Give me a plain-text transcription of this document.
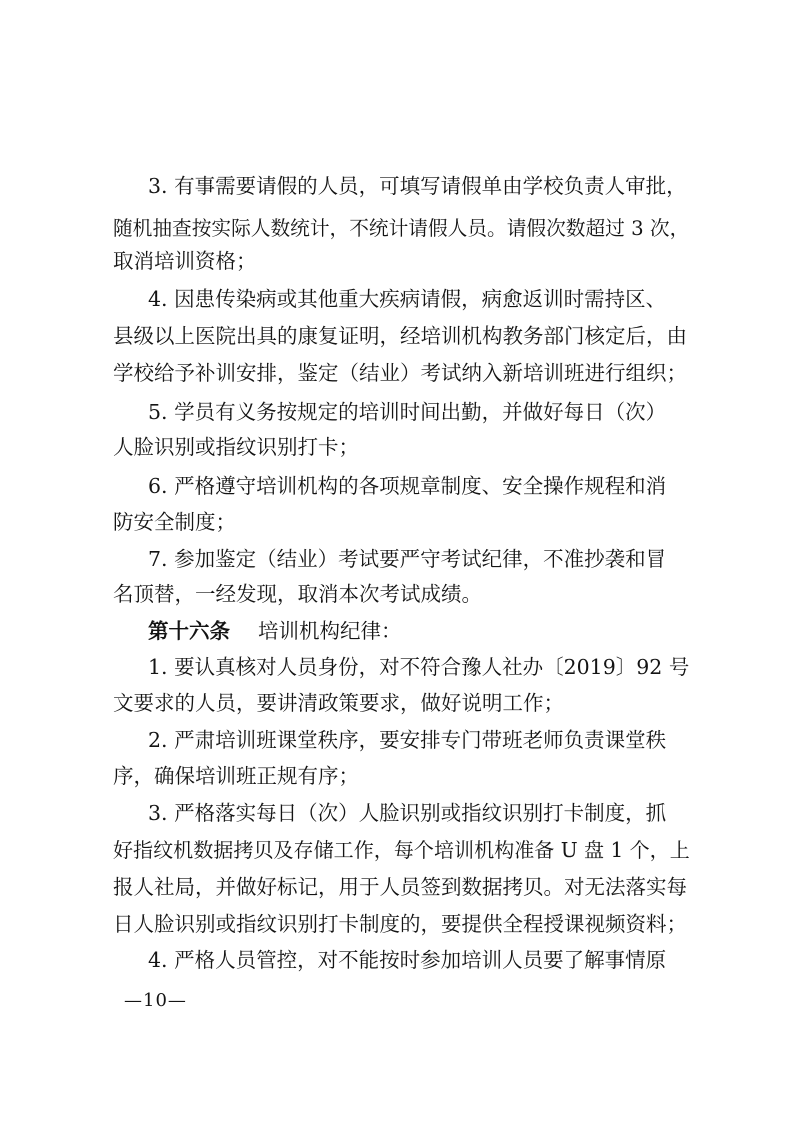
3. 有事需要请假的人员，可填写请假单由学校负责人审批，
随机抽查按实际人数统计，不统计请假人员。请假次数超过 3 次，
取消培训资格；
4. 因患传染病或其他重大疾病请假，病愈返训时需持区、
县级以上医院出具的康复证明，经培训机构教务部门核定后，由
学校给予补训安排，鉴定（结业）考试纳入新培训班进行组织；
5. 学员有义务按规定的培训时间出勤，并做好每日（次）
人脸识别或指纹识别打卡；
6. 严格遵守培训机构的各项规章制度、安全操作规程和消
防安全制度；
7. 参加鉴定（结业）考试要严守考试纪律，不准抄袭和冒
名顶替，一经发现，取消本次考试成绩。
第十六条 培训机构纪律：
1. 要认真核对人员身份，对不符合豫人社办〔2019〕92 号
文要求的人员，要讲清政策要求，做好说明工作；
2. 严肃培训班课堂秩序，要安排专门带班老师负责课堂秩
序，确保培训班正规有序；
3. 严格落实每日（次）人脸识别或指纹识别打卡制度，抓
好指纹机数据拷贝及存储工作，每个培训机构准备 U 盘 1 个，上
报人社局，并做好标记，用于人员签到数据拷贝。对无法落实每
日人脸识别或指纹识别打卡制度的，要提供全程授课视频资料；
4. 严格人员管控，对不能按时参加培训人员要了解事情原
—10—
